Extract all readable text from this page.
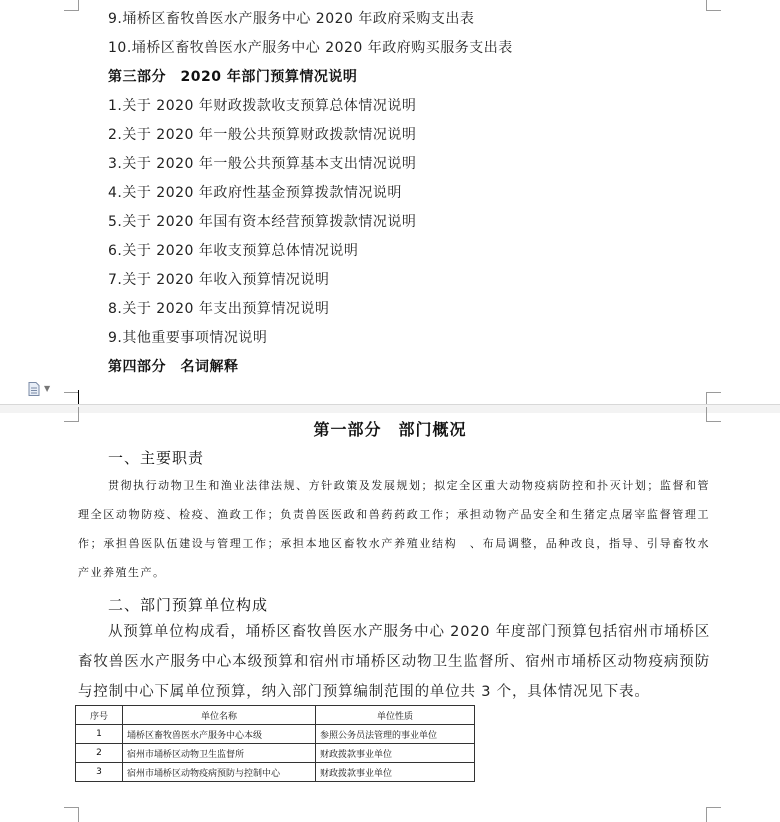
9.埇桥区畜牧兽医水产服务中心 2020 年政府采购支出表
10.埇桥区畜牧兽医水产服务中心 2020 年政府购买服务支出表
第三部分　2020 年部门预算情况说明
1.关于 2020 年财政拨款收支预算总体情况说明
2.关于 2020 年一般公共预算财政拨款情况说明
3.关于 2020 年一般公共预算基本支出情况说明
4.关于 2020 年政府性基金预算拨款情况说明
5.关于 2020 年国有资本经营预算拨款情况说明
6.关于 2020 年收支预算总体情况说明
7.关于 2020 年收入预算情况说明
8.关于 2020 年支出预算情况说明
9.其他重要事项情况说明
第四部分　名词解释
▼
第一部分　部门概况
一、主要职责
贯彻执行动物卫生和渔业法律法规、方针政策及发展规划；拟定全区重大动物疫病防控和扑灭计划；监督和管理全区动物防疫、检疫、渔政工作；负责兽医医政和兽药药政工作；承担动物产品安全和生猪定点屠宰监督管理工作；承担兽医队伍建设与管理工作；承担本地区畜牧水产养殖业结构　、布局调整，品种改良，指导、引导畜牧水产业养殖生产。
二、部门预算单位构成
从预算单位构成看，埇桥区畜牧兽医水产服务中心 2020 年度部门预算包括宿州市埇桥区畜牧兽医水产服务中心本级预算和宿州市埇桥区动物卫生监督所、宿州市埇桥区动物疫病预防与控制中心下属单位预算，纳入部门预算编制范围的单位共 3 个，具体情况见下表。
序号	单位名称	单位性质
1	埇桥区畜牧兽医水产服务中心本级	参照公务员法管理的事业单位
2	宿州市埇桥区动物卫生监督所	财政拨款事业单位
3	宿州市埇桥区动物疫病预防与控制中心	财政拨款事业单位
